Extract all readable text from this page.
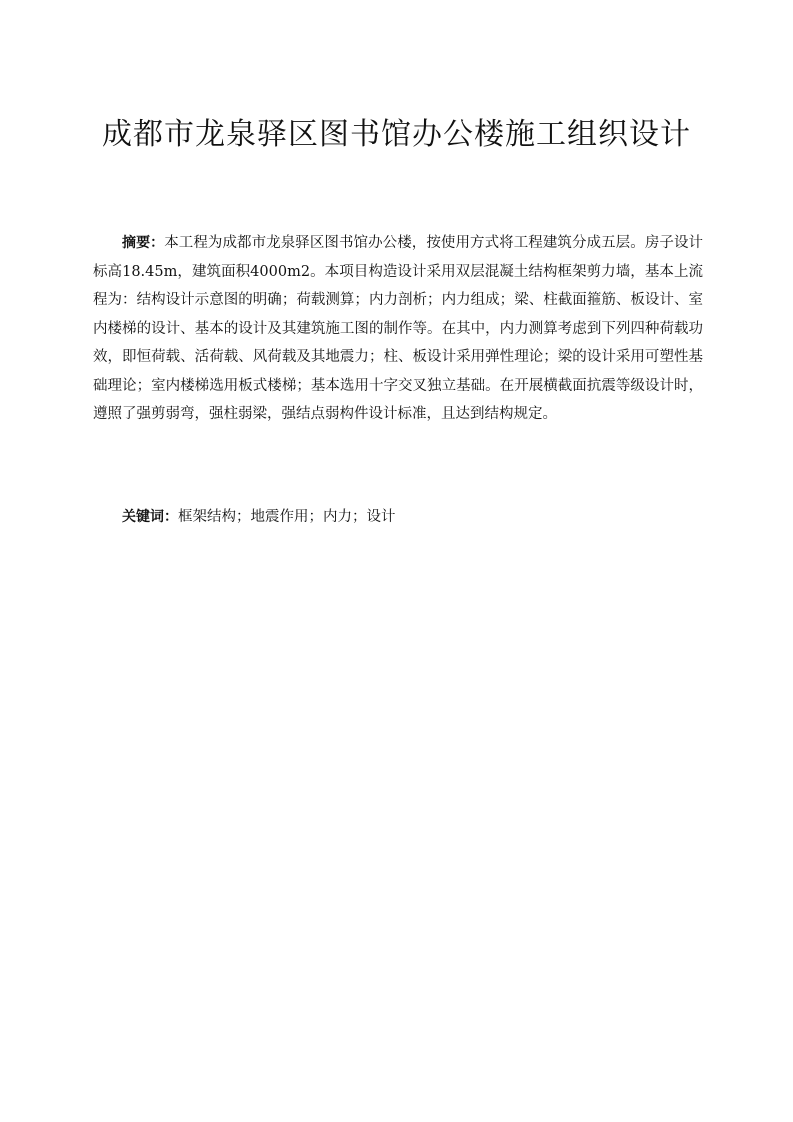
成都市龙泉驿区图书馆办公楼施工组织设计

摘要：本工程为成都市龙泉驿区图书馆办公楼，按使用方式将工程建筑分成五层。房子设计标高18.45m，建筑面积4000m2。本项目构造设计采用双层混凝土结构框架剪力墙，基本上流程为：结构设计示意图的明确；荷载测算；内力剖析；内力组成；梁、柱截面箍筋、板设计、室内楼梯的设计、基本的设计及其建筑施工图的制作等。在其中，内力测算考虑到下列四种荷载功效，即恒荷载、活荷载、风荷载及其地震力；柱、板设计采用弹性理论；梁的设计采用可塑性基础理论；室内楼梯选用板式楼梯；基本选用十字交叉独立基础。在开展横截面抗震等级设计时，遵照了强剪弱弯，强柱弱梁，强结点弱构件设计标准，且达到结构规定。

关键词：框架结构；地震作用；内力；设计
